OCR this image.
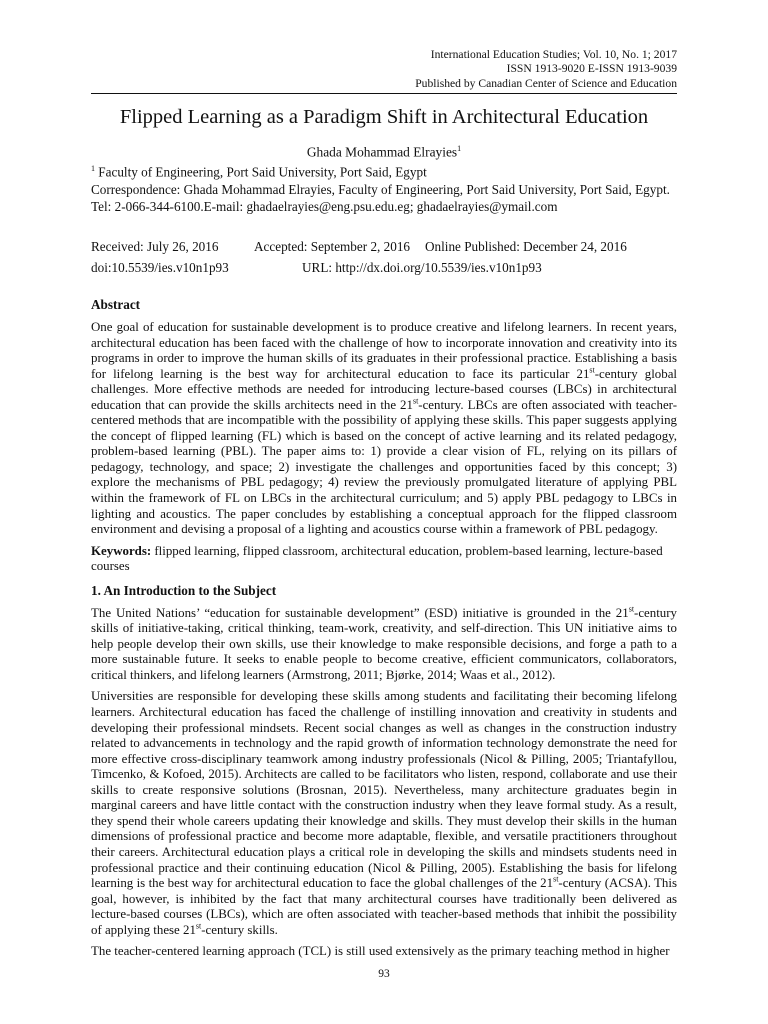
International Education Studies; Vol. 10, No. 1; 2017
ISSN 1913-9020 E-ISSN 1913-9039
Published by Canadian Center of Science and Education
Flipped Learning as a Paradigm Shift in Architectural Education
Ghada Mohammad Elrayies$^1$
$^1$ Faculty of Engineering, Port Said University, Port Said, Egypt
Correspondence: Ghada Mohammad Elrayies, Faculty of Engineering, Port Said University, Port Said, Egypt. Tel: 2-066-344-6100.E-mail: ghadaelrayies@eng.psu.edu.eg; ghadaelrayies@ymail.com
Received: July 26, 2016	Accepted: September 2, 2016 Online Published: December 24, 2016
doi:10.5539/ies.v10n1p93	URL: http://dx.doi.org/10.5539/ies.v10n1p93
Abstract

One goal of education for sustainable development is to produce creative and lifelong learners. In recent years, architectural education has been faced with the challenge of how to incorporate innovation and creativity into its programs in order to improve the human skills of its graduates in their professional practice. Establishing a basis for lifelong learning is the best way for architectural education to face its particular 21st-century global challenges. More effective methods are needed for introducing lecture-based courses (LBCs) in architectural education that can provide the skills architects need in the 21st-century. LBCs are often associated with teacher-centered methods that are incompatible with the possibility of applying these skills. This paper suggests applying the concept of flipped learning (FL) which is based on the concept of active learning and its related pedagogy, problem-based learning (PBL). The paper aims to: 1) provide a clear vision of FL, relying on its pillars of pedagogy, technology, and space; 2) investigate the challenges and opportunities faced by this concept; 3) explore the mechanisms of PBL pedagogy; 4) review the previously promulgated literature of applying PBL within the framework of FL on LBCs in the architectural curriculum; and 5) apply PBL pedagogy to LBCs in lighting and acoustics. The paper concludes by establishing a conceptual approach for the flipped classroom environment and devising a proposal of a lighting and acoustics course within a framework of PBL pedagogy.

Keywords: flipped learning, flipped classroom, architectural education, problem-based learning, lecture-based courses

1. An Introduction to the Subject

The United Nations’ “education for sustainable development” (ESD) initiative is grounded in the 21st-century skills of initiative-taking, critical thinking, team-work, creativity, and self-direction. This UN initiative aims to help people develop their own skills, use their knowledge to make responsible decisions, and forge a path to a more sustainable future. It seeks to enable people to become creative, efficient communicators, collaborators, critical thinkers, and lifelong learners (Armstrong, 2011; Bjørke, 2014; Waas et al., 2012).

Universities are responsible for developing these skills among students and facilitating their becoming lifelong learners. Architectural education has faced the challenge of instilling innovation and creativity in students and developing their professional mindsets. Recent social changes as well as changes in the construction industry related to advancements in technology and the rapid growth of information technology demonstrate the need for more effective cross-disciplinary teamwork among industry professionals (Nicol & Pilling, 2005; Triantafyllou, Timcenko, & Kofoed, 2015). Architects are called to be facilitators who listen, respond, collaborate and use their skills to create responsive solutions (Brosnan, 2015). Nevertheless, many architecture graduates begin in marginal careers and have little contact with the construction industry when they leave formal study. As a result, they spend their whole careers updating their knowledge and skills. They must develop their skills in the human dimensions of professional practice and become more adaptable, flexible, and versatile practitioners throughout their careers. Architectural education plays a critical role in developing the skills and mindsets students need in professional practice and their continuing education (Nicol & Pilling, 2005). Establishing the basis for lifelong learning is the best way for architectural education to face the global challenges of the 21st-century (ACSA). This goal, however, is inhibited by the fact that many architectural courses have traditionally been delivered as lecture-based courses (LBCs), which are often associated with teacher-based methods that inhibit the possibility of applying these 21st-century skills.

The teacher-centered learning approach (TCL) is still used extensively as the primary teaching method in higher

93
